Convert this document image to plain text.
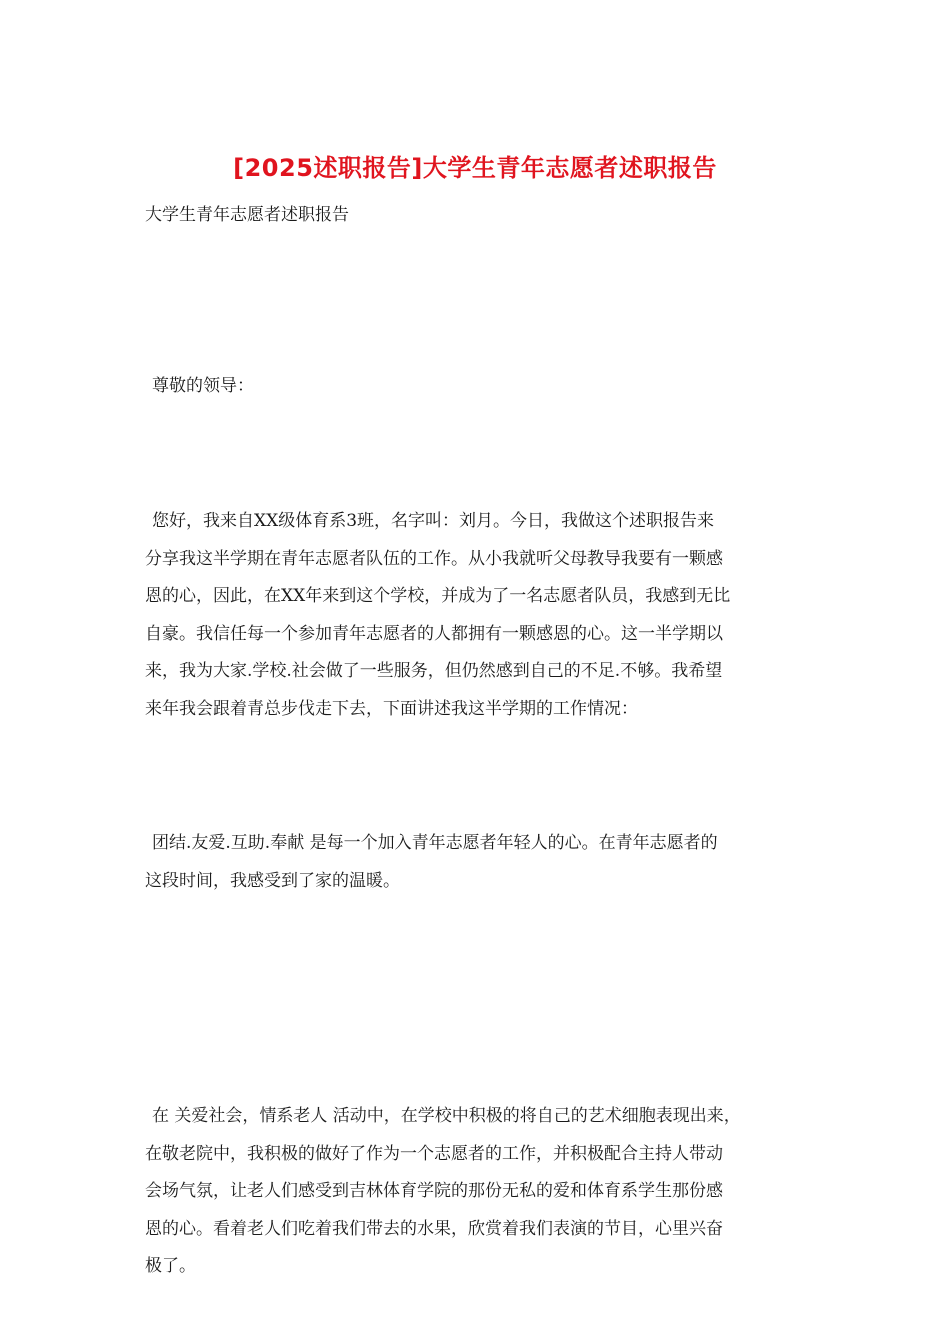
[2025述职报告]大学生青年志愿者述职报告
大学生青年志愿者述职报告
尊敬的领导：
您好，我来自XX级体育系3班，名字叫：刘月。今日，我做这个述职报告来
分享我这半学期在青年志愿者队伍的工作。从小我就听父母教导我要有一颗感
恩的心，因此，在XX年来到这个学校，并成为了一名志愿者队员，我感到无比
自豪。我信任每一个参加青年志愿者的人都拥有一颗感恩的心。这一半学期以
来，我为大家.学校.社会做了一些服务，但仍然感到自己的不足.不够。我希望
来年我会跟着青总步伐走下去，下面讲述我这半学期的工作情况：
团结.友爱.互助.奉献 是每一个加入青年志愿者年轻人的心。在青年志愿者的
这段时间，我感受到了家的温暖。
在 关爱社会，情系老人 活动中，在学校中积极的将自己的艺术细胞表现出来，
在敬老院中，我积极的做好了作为一个志愿者的工作，并积极配合主持人带动
会场气氛，让老人们感受到吉林体育学院的那份无私的爱和体育系学生那份感
恩的心。看着老人们吃着我们带去的水果，欣赏着我们表演的节目，心里兴奋
极了。
